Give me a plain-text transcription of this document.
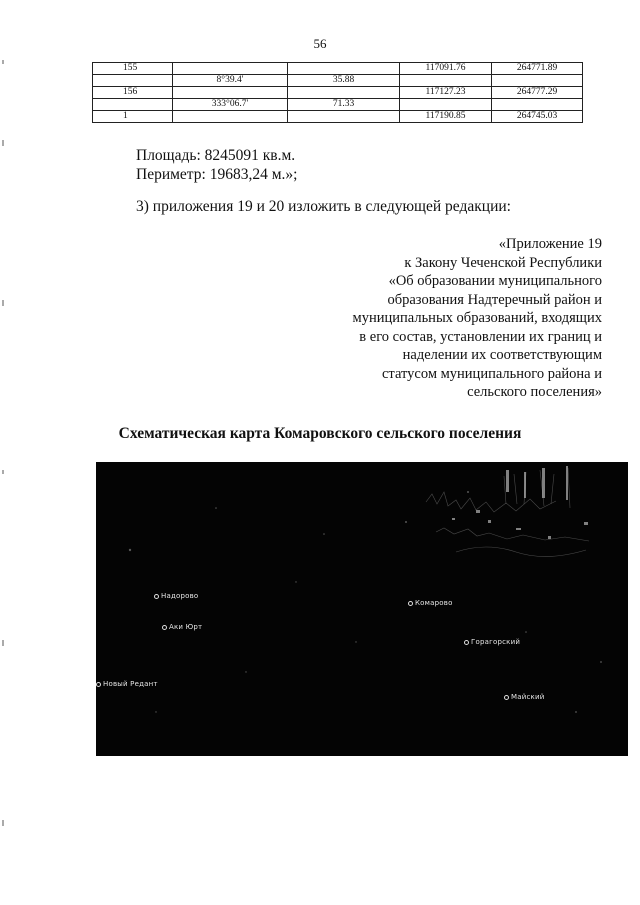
56
155			117091.76	264771.89
	8°39.4'	35.88		
156			117127.23	264777.29
	333°06.7'	71.33		
1			117190.85	264745.03
Площадь: 8245091 кв.м.
Периметр: 19683,24 м.»;
3) приложения 19 и 20 изложить в следующей редакции:
«Приложение 19
к Закону Чеченской Республики
«Об образовании муниципального
образования Надтеречный район и
муниципальных образований, входящих
в его состав, установлении их границ и
наделении их соответствующим
статусом муниципального района и
сельского поселения»
Схематическая карта Комаровского сельского поселения
Надорово
Аки Юрт
Комарово
Горагорский
Новый Редант
Майский
